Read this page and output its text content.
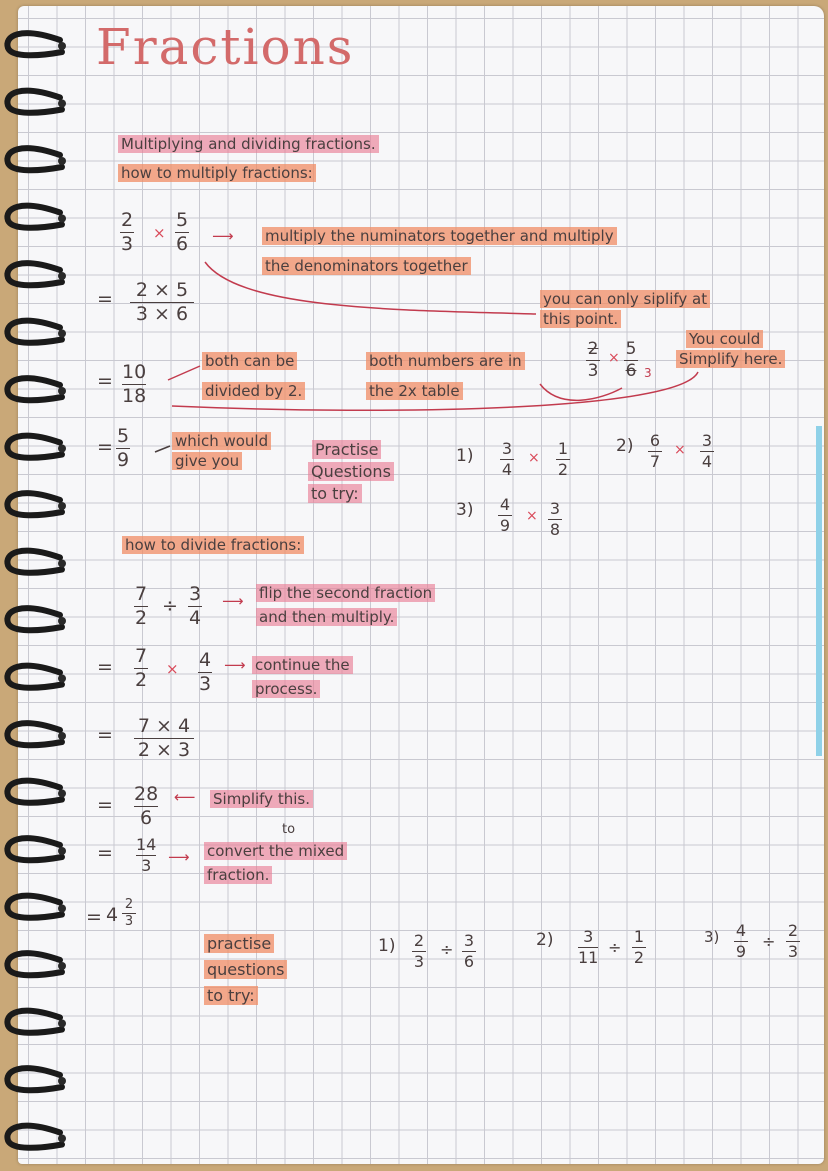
Fractions
Multiplying and dividing fractions.
how to multiply fractions:
2
3 ×
5
6 ⟶ multiply the numinators together and multiply
the denominators together
= 2 × 5
3 × 6
you can only siplify at
this point.
= 10
18
both can be
divided by 2.
both numbers are in
the 2x table
2
3
× 5
6 3
You could
Simplify here.
= 5
9
which would
give you
Practise
Questions
to try:
1) 3
4
× 1
2
2) 6
7
× 3
4
3) 4
9 × 3
8
how to divide fractions:
7
2
÷
3
4
⟶ flip the second fraction
and then multiply.
= 7
2 × 4
3
⟶ continue the
process.
= 7 × 4
2 × 3
= 28
6
⟵ Simplify this.
= 14
3 ⟶
to
convert the mixed
fraction.
= 4 2
3
practise
questions
to try:
1) 2
3
÷ 3
6
2) 3
11
÷
1
2
3) 4
9
÷
2
3
